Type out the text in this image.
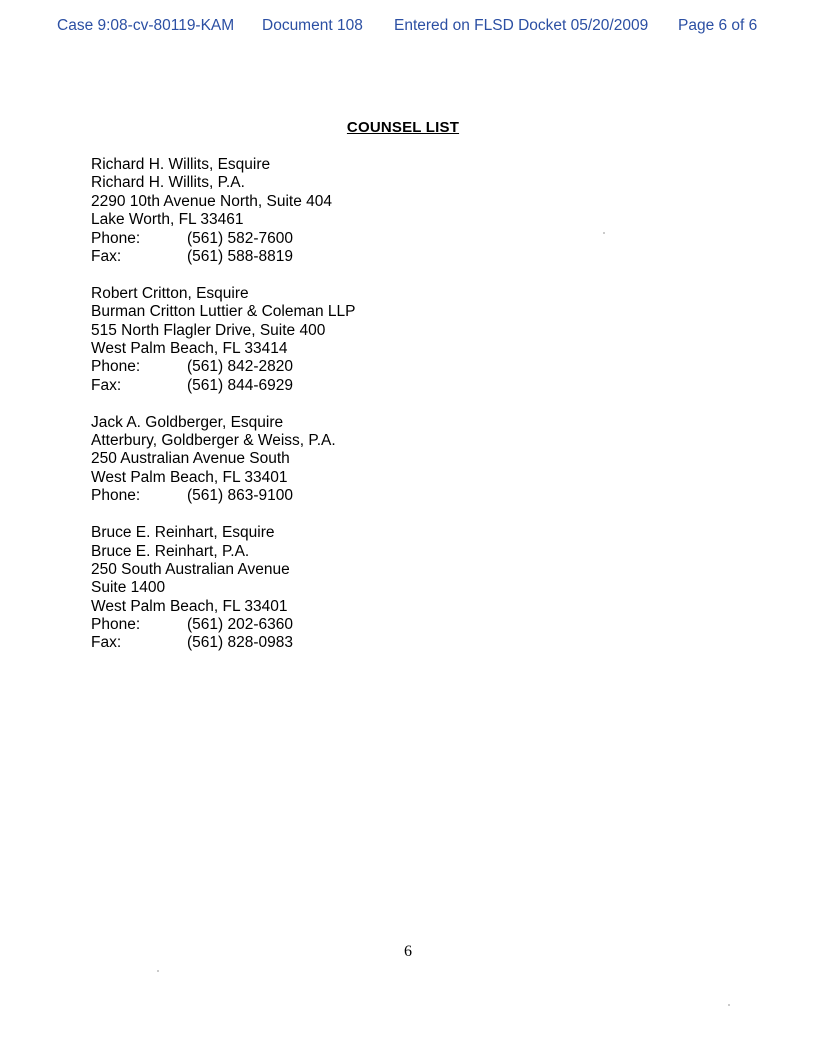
Case 9:08-cv-80119-KAM Document 108 Entered on FLSD Docket 05/20/2009 Page 6 of 6
COUNSEL LIST
Richard H. Willits, Esquire
Richard H. Willits, P.A.
2290 10th Avenue North, Suite 404
Lake Worth, FL 33461
Phone:	(561) 582-7600
Fax:	(561) 588-8819
Robert Critton, Esquire
Burman Critton Luttier & Coleman LLP
515 North Flagler Drive, Suite 400
West Palm Beach, FL 33414
Phone:	(561) 842-2820
Fax:	(561) 844-6929
Jack A. Goldberger, Esquire
Atterbury, Goldberger & Weiss, P.A.
250 Australian Avenue South
West Palm Beach, FL 33401
Phone:	(561) 863-9100
Bruce E. Reinhart, Esquire
Bruce E. Reinhart, P.A.
250 South Australian Avenue
Suite 1400
West Palm Beach, FL 33401
Phone:	(561) 202-6360
Fax:	(561) 828-0983
6
